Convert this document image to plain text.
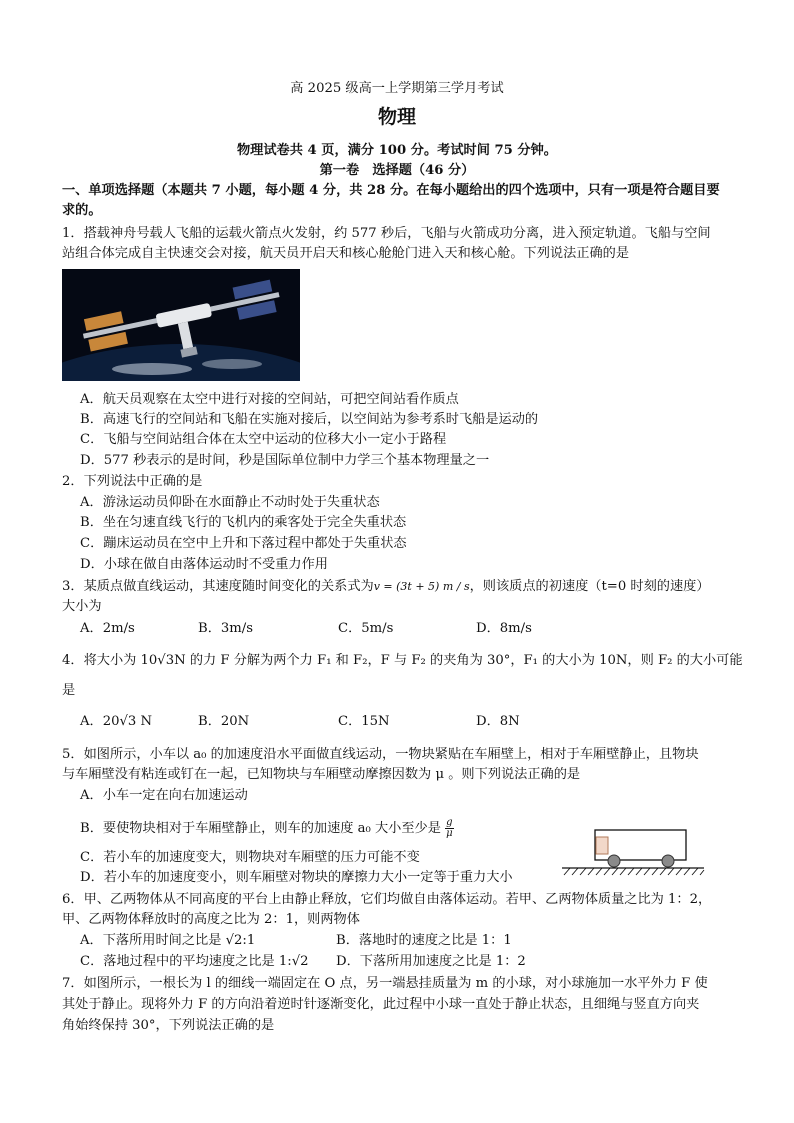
高 2025 级高一上学期第三学月考试
物理
物理试卷共 4 页，满分 100 分。考试时间 75 分钟。
第一卷　选择题（46 分）
一、单项选择题（本题共 7 小题，每小题 4 分，共 28 分。在每小题给出的四个选项中，只有一项是符合题目要
求的。
1．搭载神舟号载人飞船的运载火箭点火发射，约 577 秒后，飞船与火箭成功分离，进入预定轨道。飞船与空间
站组合体完成自主快速交会对接，航天员开启天和核心舱舱门进入天和核心舱。下列说法正确的是
A．航天员观察在太空中进行对接的空间站，可把空间站看作质点
B．高速飞行的空间站和飞船在实施对接后，以空间站为参考系时飞船是运动的
C．飞船与空间站组合体在太空中运动的位移大小一定小于路程
D．577 秒表示的是时间，秒是国际单位制中力学三个基本物理量之一
2．下列说法中正确的是
A．游泳运动员仰卧在水面静止不动时处于失重状态
B．坐在匀速直线飞行的飞机内的乘客处于完全失重状态
C．蹦床运动员在空中上升和下落过程中都处于失重状态
D．小球在做自由落体运动时不受重力作用
3．某质点做直线运动，其速度随时间变化的关系式为v = (3t + 5) m / s，则该质点的初速度（t=0 时刻的速度）
大小为
A．2m/s	B．3m/s	C．5m/s	D．8m/s
4．将大小为 10√3N 的力 F 分解为两个力 F₁ 和 F₂，F 与 F₂ 的夹角为 30°，F₁ 的大小为 10N，则 F₂ 的大小可能
是
A．20√3 N	B．20N	C．15N	D．8N
5．如图所示，小车以 a₀ 的加速度沿水平面做直线运动，一物块紧贴在车厢壁上，相对于车厢壁静止，且物块
与车厢壁没有粘连或钉在一起，已知物块与车厢壁动摩擦因数为 μ 。则下列说法正确的是
A．小车一定在向右加速运动
B．要使物块相对于车厢壁静止，则车的加速度 a₀ 大小至少是 $\frac{g}{\mu}$
C．若小车的加速度变大，则物块对车厢壁的压力可能不变
D．若小车的加速度变小，则车厢壁对物块的摩擦力大小一定等于重力大小
6．甲、乙两物体从不同高度的平台上由静止释放，它们均做自由落体运动。若甲、乙两物体质量之比为 1：2，
甲、乙两物体释放时的高度之比为 2：1，则两物体
A．下落所用时间之比是 √2:1	B．落地时的速度之比是 1：1
C．落地过程中的平均速度之比是 1:√2 D．下落所用加速度之比是 1：2
7．如图所示，一根长为 l 的细线一端固定在 O 点，另一端悬挂质量为 m 的小球，对小球施加一水平外力 F 使
其处于静止。现将外力 F 的方向沿着逆时针逐渐变化，此过程中小球一直处于静止状态，且细绳与竖直方向夹
角始终保持 30°，下列说法正确的是
